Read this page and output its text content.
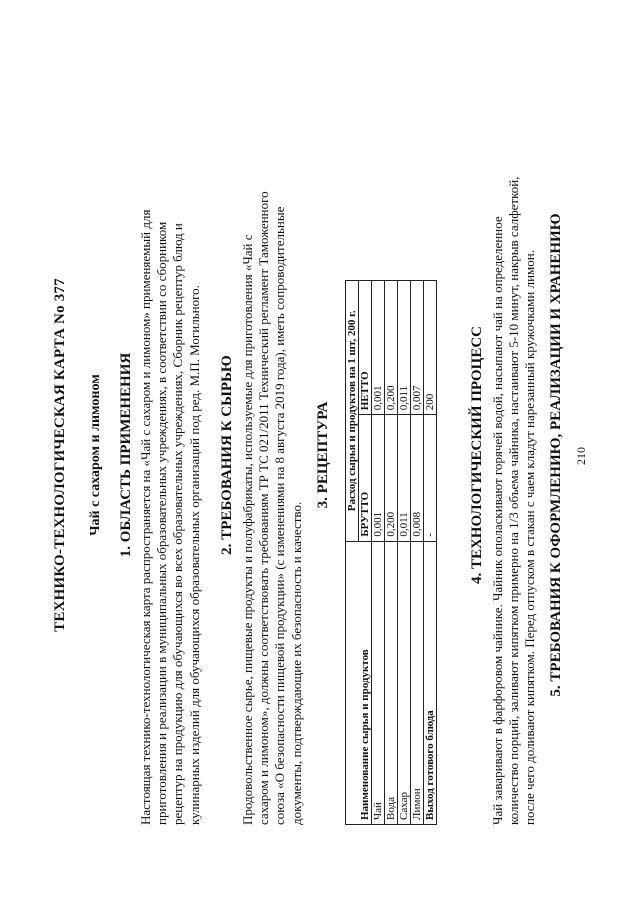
ТЕХНИКО-ТЕХНОЛОГИЧЕСКАЯ КАРТА No 377 Чай с сахаром и лимоном 1. ОБЛАСТЬ ПРИМЕНЕНИЯ Настоящая технико-технологическая карта распространяется на «Чай с сахаром и лимоном» применяемый для приготовления и реализации в муниципальных образовательных учреждениях, в соответствии со сборником рецептур на продукцию для обучающихся во всех образовательных учреждениях, Сборник рецептур блюд и кулинарных изделий для обучающихся образовательных организаций под ред. М.П. Могильного. 2. ТРЕБОВАНИЯ К СЫРЬЮ Продовольственное сырье, пищевые продукты и полуфабрикаты, используемые для приготовления «Чай с сахаром и лимоном», должны соответствовать требованиям ТР ТС 021/2011 Технический регламент Таможенного союза «О безопасности пищевой продукции» (с изменениями на 8 августа 2019 года), иметь сопроводительные документы, подтверждающие их безопасность и качество.
3. РЕЦЕПТУРА
Наименование сырья и продуктов	Расход сырья и продуктов на 1 шт, 200 г.	
	БРУТТО	НЕТТО
Чай	0,001	0,001
Вода	0,200	0,200
Сахар	0,011	0,011
Лимон	0,008	0,007
Выход готового блюда	-	200 4. ТЕХНОЛОГИЧЕСКИЙ ПРОЦЕСС Чай заваривают в фарфоровом чайнике. Чайник ополаскивают горячей водой, насыпают чай на определенное количество порций, заливают кипятком примерно на 1/3 объема чайника, настаивают 5-10 минут, накрыв салфеткой, после чего доливают кипятком. Перед отпуском в стакан с чаем кладут нарезанный кружочками лимон. 5. ТРЕБОВАНИЯ К ОФОРМЛЕНИЮ, РЕАЛИЗАЦИИ И ХРАНЕНИЮ 210
